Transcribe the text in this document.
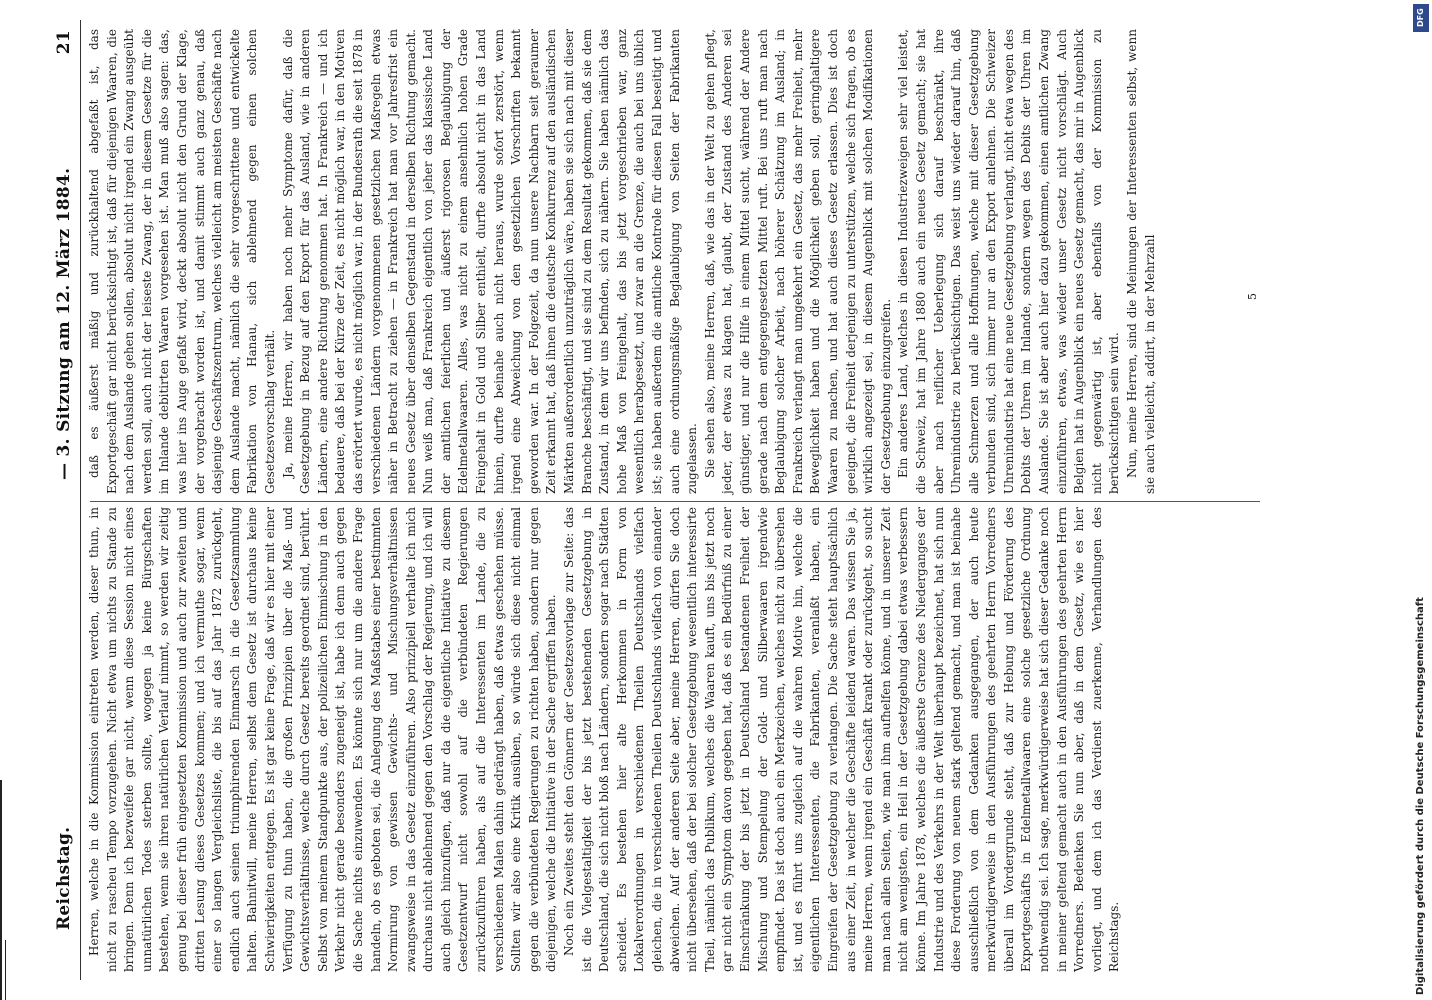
Reichstag.
— 3. Sitzung am 12. März 1884.
21

Herren, welche in die Kommission eintreten werden, dieser thun, in nicht zu rascheu Tempo vorzugehen. Nicht etwa um nichts zu Stande zu bringen. Denn ich bezweifele gar nicht, wenn diese Session nicht eines unnatürlichen Todes sterben sollte, wogegen ja keine Bürgschaften bestehen, wenn sie ihren natürlichen Verlauf nimmt, so werden wir zeitig genug bei dieser früh eingesetzten Kommission und auch zur zweiten und dritten Lesung dieses Gesetzes kommen; und ich vermuthe sogar, wenn einer so langen Vergleichsliste, die bis auf das Jahr 1872 zurückgeht, endlich auch seinen triumphirenden Einmarsch in die Gesetzsammlung halten. Bahnitwill, meine Herren, selbst dem Gesetz ist durchaus keine Schwierigkeiten entgegen. Es ist gar keine Frage, daß wir es hier mit einer Verfügung zu thun haben, die großen Prinzipien über die Maß- und Gewichtsverhältnisse, welche durch Gesetz bereits geordnet sind, berührt. Selbst von meinem Standpunkte aus, der polizeilichen Einmischung in den Verkehr nicht gerade besonders zugeneigt ist, habe ich denn auch gegen die Sache nichts einzuwenden. Es könnte sich nur um die andere Frage handeln, ob es geboten sei, die Anlegung des Maßstabes einer bestimmten Normirung von gewissen Gewichts- und Mischungsverhältnissen zwangsweise in das Gesetz einzuführen. Also prinzipiell verhalte ich mich durchaus nicht ablehnend gegen den Vorschlag der Regierung, und ich will auch gleich hinzufügen, daß nur da die eigentliche Initiative zu diesem Gesetzentwurf nicht sowohl auf die verbündeten Regierungen zurückzuführen haben, als auf die Interessenten im Lande, die zu verschiedenen Malen dahin gedrängt haben, daß etwas geschehen müsse. Sollten wir also eine Kritik ausüben, so würde sich diese nicht einmal gegen die verbündeten Regierungen zu richten haben, sondern nur gegen diejenigen, welche die Initiative in der Sache ergriffen haben. Noch ein Zweites steht den Gönnern der Gesetzesvorlage zur Seite: das ist die Vielgestaltigkeit der bis jetzt bestehenden Gesetzgebung in Deutschland, die sich nicht bloß nach Ländern, sondern sogar nach Städten scheidet. Es bestehen hier alte Herkommen in Form von Lokalverordnungen in verschiedenen Theilen Deutschlands vielfach gleichen, die in verschiedenen Theilen Deutschlands vielfach von einander abweichen. Auf der anderen Seite aber, meine Herren, dürfen Sie doch nicht übersehen, daß der bei solcher Gesetzgebung wesentlich interessirte Theil, nämlich das Publikum, welches die Waaren kauft, uns bis jetzt noch gar nicht ein Symptom davon gegeben hat, daß es ein Bedürfniß zu einer Einschränkung der bis jetzt in Deutschland bestandenen Freiheit der Mischung und Stempelung der Gold- und Silberwaaren irgendwie empfindet. Das ist doch auch ein Merkzeichen, welches nicht zu übersehen ist, und es führt uns zugleich auf die wahren Motive hin, welche die eigentlichen Interessenten, die Fabrikanten, veranlaßt haben, ein Eingreifen der Gesetzgebung zu verlangen. Die Sache steht hauptsächlich aus einer Zeit, in welcher die Geschäfte leidend waren. Das wissen Sie ja, meine Herren, wenn irgend ein Geschäft krankt oder zurückgeht, so sucht man nach allen Seiten, wie man ihm aufhelfen könne, und in unserer Zeit nicht am wenigsten, ein Heil in der Gesetzgebung dabei etwas verbessern könne. Im Jahre 1878, welches die äußerste Grenze des Niederganges der Industrie und des Verkehrs in der Welt überhaupt bezeichnet, hat sich nun diese Forderung von neuem stark geltend gemacht, und man ist beinahe ausschließlich von dem Gedanken ausgegangen, der auch heute merkwürdigerweise in den Ausführungen des geehrten Herrn Vorredners überall im Vordergrunde steht, daß zur Hebung und Förderung des Exportgeschäfts in Edelmetallwaaren eine solche gesetzliche Ordnung nothwendig sei. Ich sage, merkwürdigerweise hat sich dieser Gedanke noch in meiner geltend gemacht auch in den Ausführungen des geehrten Herrn Vorredners. Bedenken Sie nun aber, daß in dem Gesetz, wie es hier vorliegt, und dem ich das Verdienst zuerkenne, Verhandlungen des Reichstags.

daß es äußerst mäßig und zurückhaltend abgefaßt ist, das Exportgeschäft gar nicht berücksichtigt ist, daß für diejenigen Waaren, die nach dem Auslande gehen sollen, absolut nicht irgend ein Zwang ausgeübt werden soll, auch nicht der leiseste Zwang, der in diesem Gesetze für die im Inlande debitirten Waaren vorgesehen ist. Man muß also sagen: das, was hier ins Auge gefaßt wird, deckt absolut nicht den Grund der Klage, der vorgebracht worden ist, und damit stimmt auch ganz genau, daß dasjenige Geschäftszentrum, welches vielleicht am meisten Geschäfte nach dem Auslande macht, nämlich die sehr vorgeschrittene und entwickelte Fabrikation von Hanau, sich ablehnend gegen einen solchen Gesetzesvorschlag verhält. Ja, meine Herren, wir haben noch mehr Symptome dafür, daß die Gesetzgebung in Bezug auf den Export für das Ausland, wie in anderen Ländern, eine andere Richtung genommen hat. In Frankreich — und ich bedauere, daß bei der Kürze der Zeit, es nicht möglich war, in den Motiven das erörtert wurde, es nicht möglich war, in der Bundesrath die seit 1878 in verschiedenen Ländern vorgenommenen gesetzlichen Maßregeln etwas näher in Betracht zu ziehen — in Frankreich hat man vor Jahresfrist ein neues Gesetz über denselben Gegenstand in derselben Richtung gemacht. Nun weiß man, daß Frankreich eigentlich von jeher das klassische Land der amtlichen feierlichen und äußerst rigorosen Beglaubigung der Edelmetallwaaren. Alles, was nicht zu einem ansehnlich hohen Grade Feingehalt in Gold und Silber enthielt, durfte absolut nicht in das Land hinein, durfte beinahe auch nicht heraus, wurde sofort zerstört, wenn irgend eine Abweichung von den gesetzlichen Vorschriften bekannt geworden war. In der Folgezeit, da nun unsere Nachbarn seit geraumer Zeit erkannt hat, daß ihnen die deutsche Konkurrenz auf den ausländischen Märkten außerordentlich unzuträglich wäre, haben sie sich nach mit dieser Branche beschäftigt, und sie sind zu dem Resultat gekommen, daß sie dem Zustand, in dem wir uns befinden, sich zu nähern. Sie haben nämlich das hohe Maß von Feingehalt, das bis jetzt vorgeschrieben war, ganz wesentlich herabgesetzt, und zwar an die Grenze, die auch bei uns üblich ist; sie haben außerdem die amtliche Kontrole für diesen Fall beseitigt und auch eine ordnungsmäßige Beglaubigung von Seiten der Fabrikanten zugelassen. Sie sehen also, meine Herren, daß, wie das in der Welt zu gehen pflegt, jeder, der etwas zu klagen hat, glaubt, der Zustand des Anderen sei günstiger, und nur die Hilfe in einem Mittel sucht, während der Andere gerade nach dem entgegengesetzten Mittel ruft. Bei uns ruft man nach Beglaubigung solcher Arbeit, nach höherer Schätzung im Ausland; in Frankreich verlangt man umgekehrt ein Gesetz, das mehr Freiheit, mehr Beweglichkeit haben und die Möglichkeit geben soll, geringhaltigere Waaren zu machen, und hat auch dieses Gesetz erlassen. Dies ist doch geeignet, die Freiheit derjenigen zu unterstützen, welche sich fragen, ob es wirklich angezeigt sei, in diesem Augenblick mit solchen Modifikationen der Gesetzgebung einzugreifen. Ein anderes Land, welches in diesen Industriezweigen sehr viel leistet, die Schweiz, hat im Jahre 1880 auch ein neues Gesetz gemacht; sie hat aber nach reiflicher Ueberlegung sich darauf beschränkt, ihre Uhrenindustrie zu berücksichtigen. Das weist uns wieder darauf hin, daß alle Schmerzen und alle Hoffnungen, welche mit dieser Gesetzgebung verbunden sind, sich immer nur an den Export anlehnen. Die Schweizer Uhrenindustrie hat eine neue Gesetzgebung verlangt, nicht etwa wegen des Debits der Uhren im Inlande, sondern wegen des Debits der Uhren im Auslande. Sie ist aber auch hier dazu gekommen, einen amtlichen Zwang einzuführen, etwas, was wieder unser Gesetz nicht vorschlägt. Auch Belgien hat in Augenblick ein neues Gesetz gemacht, das mir in Augenblick nicht gegenwärtig ist, aber ebenfalls von der Kommission zu berücksichtigen sein wird. Nun, meine Herren, sind die Meinungen der Interessenten selbst, wenn sie auch vielleicht, addirt, in der Mehrzahl	5
Digitalisierung gefördert durch die Deutsche Forschungsgemeinschaft
DFG
